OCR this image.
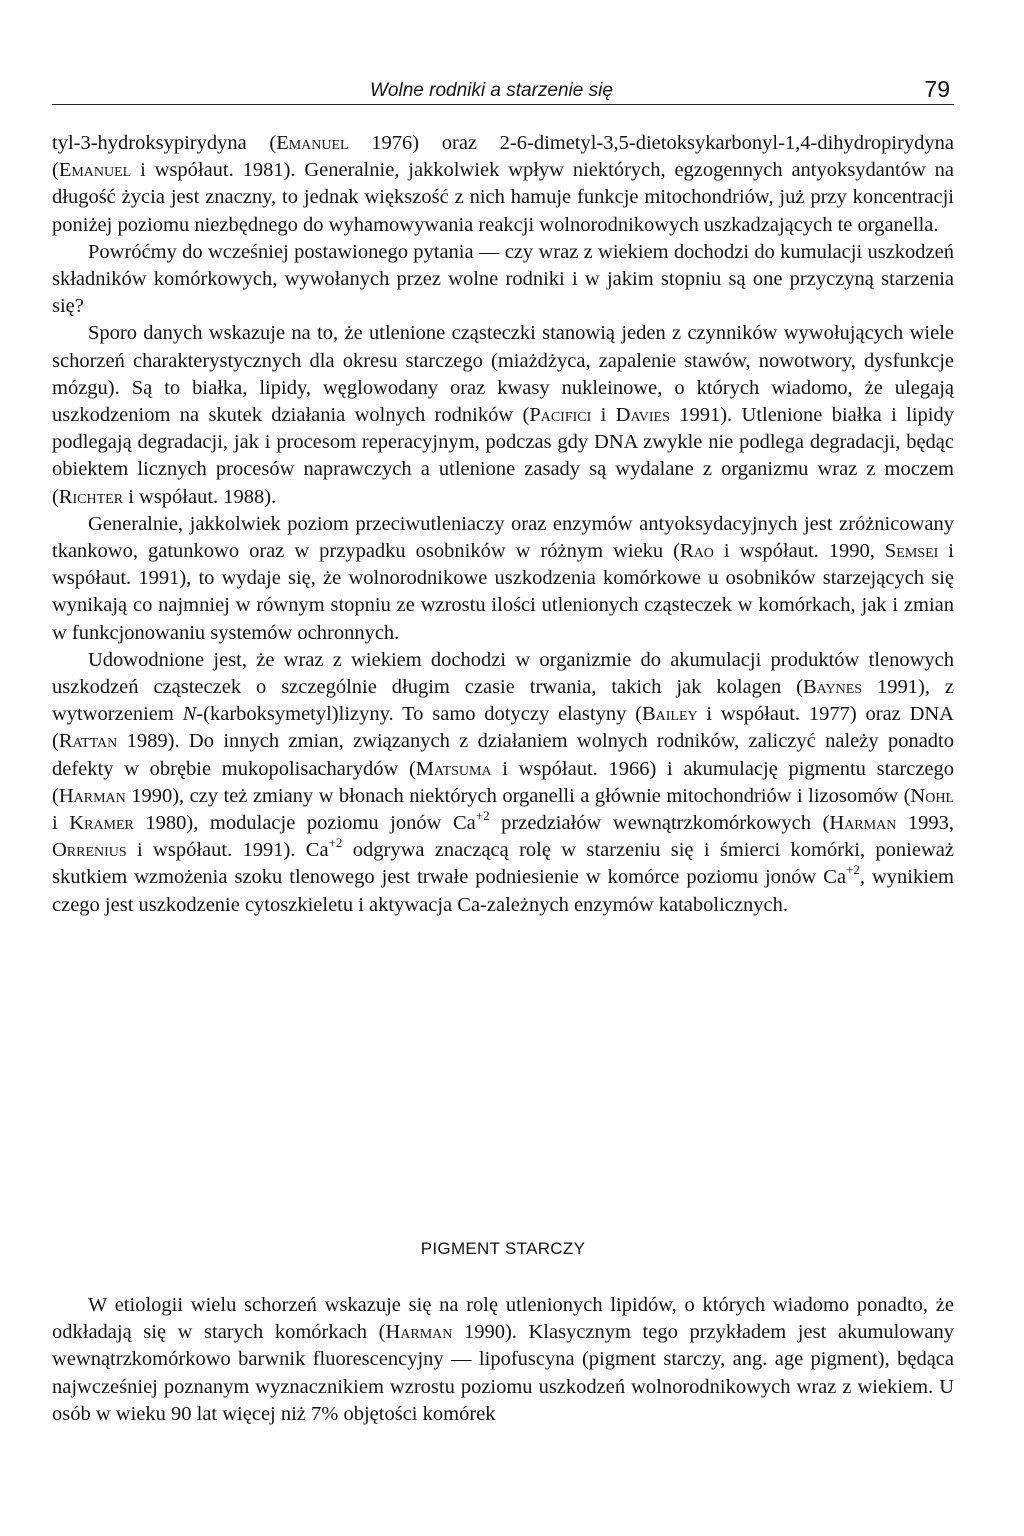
Wolne rodniki a starzenie się	79

tyl-3-hydroksypirydyna (Emanuel 1976) oraz 2-6-dimetyl-3,5-dietoksykarbonyl-1,4-dihydropirydyna (Emanuel i współaut. 1981). Generalnie, jakkolwiek wpływ niektórych, egzogennych antyoksydantów na długość życia jest znaczny, to jednak większość z nich hamuje funkcje mitochondriów, już przy koncentracji poniżej poziomu niezbędnego do wyhamowywania reakcji wolnorodnikowych uszkadzających te organella.

Powróćmy do wcześniej postawionego pytania — czy wraz z wiekiem dochodzi do kumulacji uszkodzeń składników komórkowych, wywołanych przez wolne rodniki i w jakim stopniu są one przyczyną starzenia się?

Sporo danych wskazuje na to, że utlenione cząsteczki stanowią jeden z czynników wywołujących wiele schorzeń charakterystycznych dla okresu starczego (miażdżyca, zapalenie stawów, nowotwory, dysfunkcje mózgu). Są to białka, lipidy, węglowodany oraz kwasy nukleinowe, o których wiadomo, że ulegają uszkodzeniom na skutek działania wolnych rodników (Pacifici i Davies 1991). Utlenione białka i lipidy podlegają degradacji, jak i procesom reperacyjnym, podczas gdy DNA zwykle nie podlega degradacji, będąc obiektem licznych procesów naprawczych a utlenione zasady są wydalane z organizmu wraz z moczem (Richter i współaut. 1988).

Generalnie, jakkolwiek poziom przeciwutleniaczy oraz enzymów antyoksydacyjnych jest zróżnicowany tkankowo, gatunkowo oraz w przypadku osobników w różnym wieku (Rao i współaut. 1990, Semsei i współaut. 1991), to wydaje się, że wolnorodnikowe uszkodzenia komórkowe u osobników starzejących się wynikają co najmniej w równym stopniu ze wzrostu ilości utlenionych cząsteczek w komórkach, jak i zmian w funkcjonowaniu systemów ochronnych.

Udowodnione jest, że wraz z wiekiem dochodzi w organizmie do akumulacji produktów tlenowych uszkodzeń cząsteczek o szczególnie długim czasie trwania, takich jak kolagen (Baynes 1991), z wytworzeniem N-(karboksymetyl)lizyny. To samo dotyczy elastyny (Bailey i współaut. 1977) oraz DNA (Rattan 1989). Do innych zmian, związanych z działaniem wolnych rodników, zaliczyć należy ponadto defekty w obrębie mukopolisacharydów (Matsuma i współaut. 1966) i akumulację pigmentu starczego (Harman 1990), czy też zmiany w błonach niektórych organelli a głównie mitochondriów i lizosomów (Nohl i Kramer 1980), modulacje poziomu jonów $Ca^{+2}$ przedziałów wewnątrzkomórkowych (Harman 1993, Orrenius i współaut. 1991). $Ca^{+2}$ odgrywa znaczącą rolę w starzeniu się i śmierci komórki, ponieważ skutkiem wzmożenia szoku tlenowego jest trwałe podniesienie w komórce poziomu jonów $Ca^{+2}$, wynikiem czego jest uszkodzenie cytoszkieletu i aktywacja Ca-zależnych enzymów katabolicznych.

PIGMENT STARCZY

W etiologii wielu schorzeń wskazuje się na rolę utlenionych lipidów, o których wiadomo ponadto, że odkładają się w starych komórkach (Harman 1990). Klasycznym tego przykładem jest akumulowany wewnątrzkomórkowo barwnik fluorescencyjny — lipofuscyna (pigment starczy, ang. age pigment), będąca najwcześniej poznanym wyznacznikiem wzrostu poziomu uszkodzeń wolnorodnikowych wraz z wiekiem. U osób w wieku 90 lat więcej niż 7% objętości komórek
